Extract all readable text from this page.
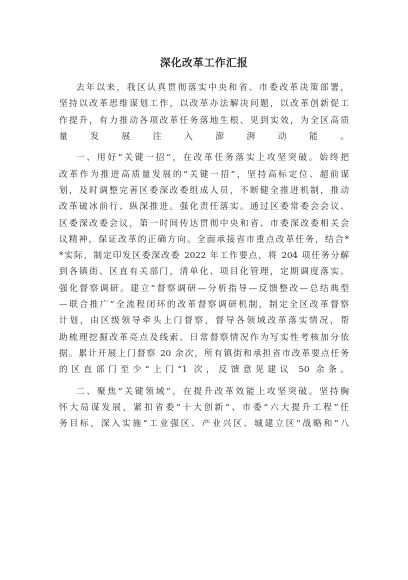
深化改革工作汇报
去年以来，我区认真贯彻落实中央和省、市委改革决策部署，
坚持以改革思维谋划工作，以改革办法解决问题，以改革创新促工
作提升，有力推动各项改革任务落地生根、见到实效，为全区高质
量发展注入澎湃动能。
一、用好“关键一招”，在改革任务落实上攻坚突破。始终把
改革作为推进高质量发展的“关键一招”，坚持高标定位、超前谋
划，及时调整完善区委深改委组成人员，不断健全推进机制，推动
改革破冰前行、纵深推进。强化责任落实。通过区委常委会会议、
区委深改委会议，第一时间传达贯彻中央和省、市委深改委相关会
议精神，保证改革的正确方向。全面承接省市重点改革任务，结合*
*实际，制定印发区委深改委 2022 年工作要点，将 204 项任务分解
到各镇街、区直有关部门，清单化、项目化管理，定期调度落实。
强化督察调研。建立“督察调研—分析指导—反馈整改—总结典型
—联合推广”全流程闭环的改革督察调研机制，制定全区改革督察
计划，由区级领导牵头上门督察，督导各领域改革落实情况，帮
助梳理挖掘改革亮点及线索。日常督察情况作为写实性考核加分依
据。累计开展上门督察 20 余次，所有镇街和承担省市改革要点任务
的区直部门至少“上门”1 次，反馈意见建议 50 余条。
二、聚焦“关键领域”，在提升改革效能上攻坚突破。坚持胸
怀大局谋发展，紧扣省委“十大创新”、市委“六大提升工程”任
务目标，深入实施“工业强区、产业兴区、城建立区”战略和“八
